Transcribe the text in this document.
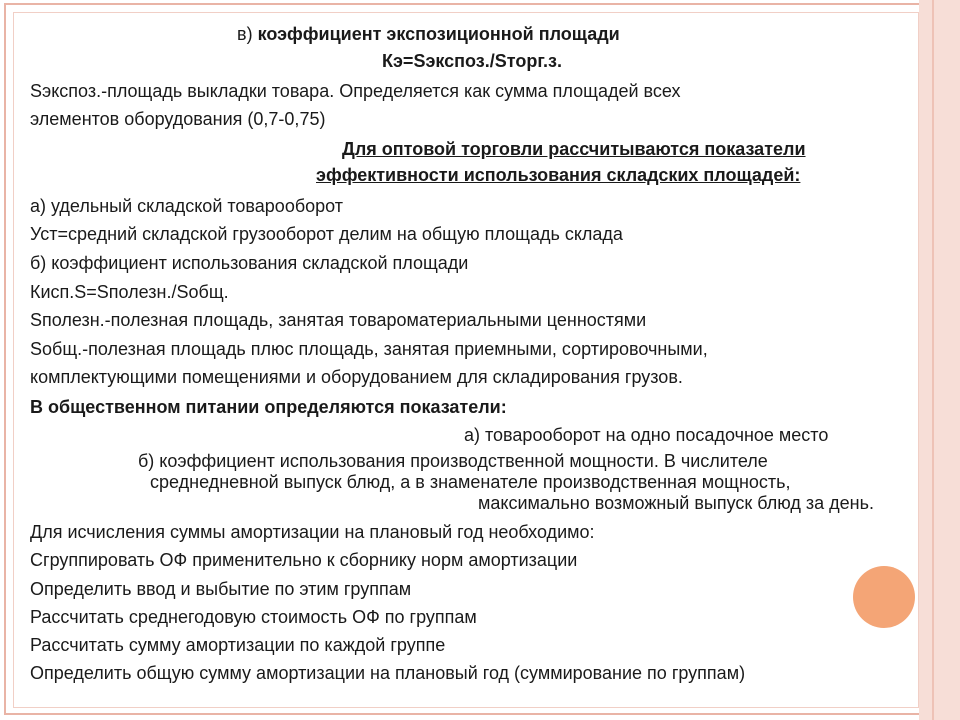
в) коэффициент экспозиционной площади
Кэ=Sэкспоз./Sторг.з.
Sэкспоз.-площадь выкладки товара. Определяется как сумма площадей всех
элементов оборудования (0,7-0,75)
Для оптовой торговли рассчитываются показатели
эффективности использования складских площадей:
а) удельный складской товарооборот
Уст=средний складской грузооборот делим на общую площадь склада
б) коэффициент использования складской площади
Кисп.S=Sполезн./Sобщ.
Sполезн.-полезная площадь, занятая товароматериальными ценностями
Sобщ.-полезная площадь плюс площадь, занятая приемными, сортировочными,
комплектующими помещениями и оборудованием для складирования грузов.
В общественном питании определяются показатели:
а) товарооборот на одно посадочное место
б) коэффициент использования производственной мощности. В числителе
среднедневной выпуск блюд, а в знаменателе производственная мощность,
максимально возможный выпуск блюд за день.
Для исчисления суммы амортизации на плановый год необходимо:
Сгруппировать ОФ применительно к сборнику норм амортизации
Определить ввод и выбытие по этим группам
Рассчитать среднегодовую стоимость ОФ по группам
Рассчитать сумму амортизации по каждой группе
Определить общую сумму амортизации на плановый год (суммирование по группам)
